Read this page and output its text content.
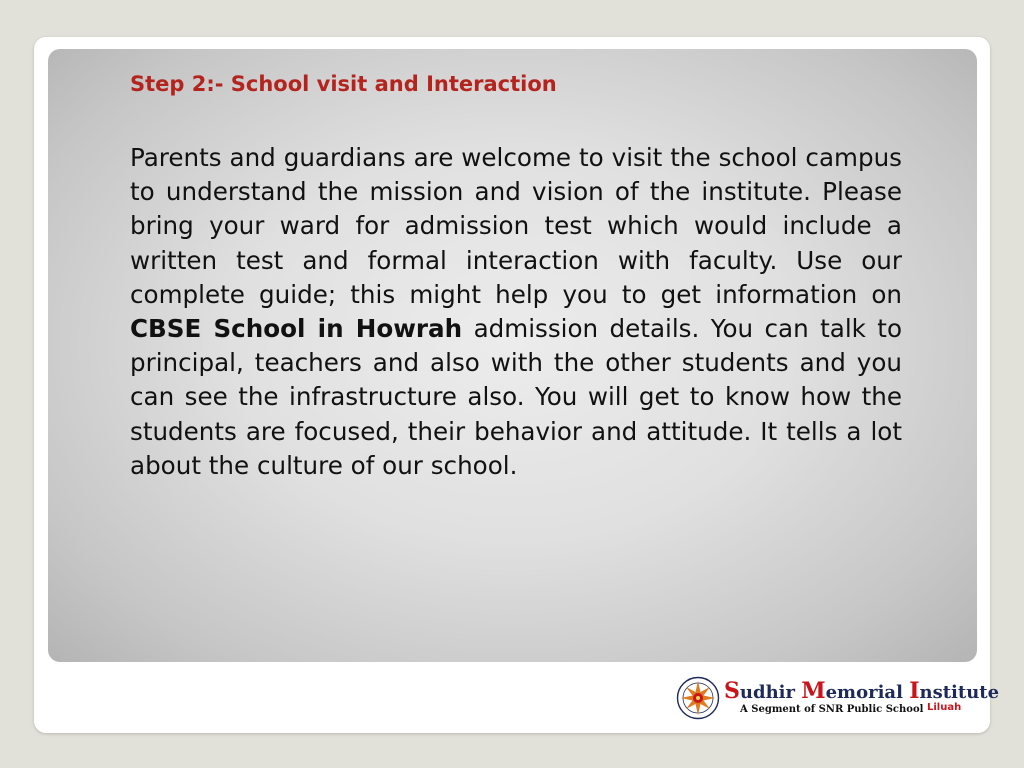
Step 2:- School visit and Interaction

Parents and guardians are welcome to visit the school campus to understand the mission and vision of the institute. Please bring your ward for admission test which would include a written test and formal interaction with faculty. Use our complete guide; this might help you to get information on CBSE School in Howrah admission details. You can talk to principal, teachers and also with the other students and you can see the infrastructure also. You will get to know how the students are focused, their behavior and attitude. It tells a lot about the culture of our school.

Sudhir Memorial Institute
A Segment of SNR Public School Liluah
